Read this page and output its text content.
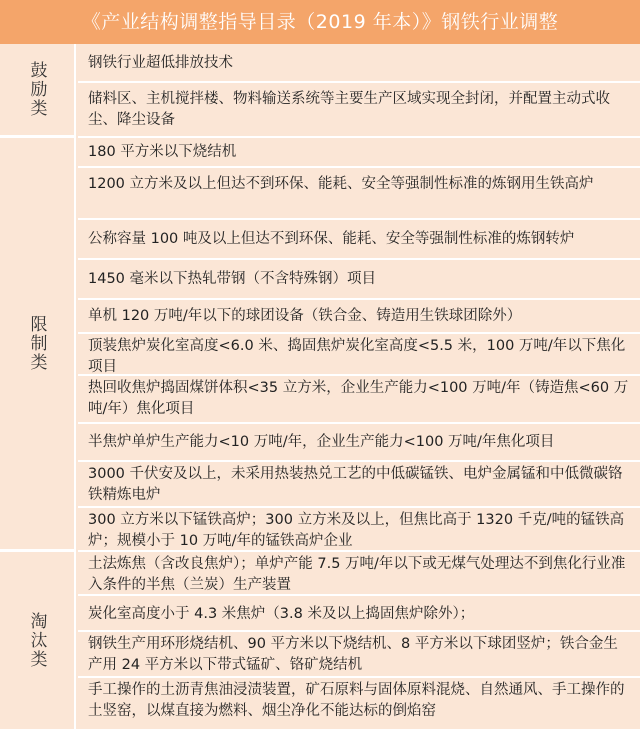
《产业结构调整指导目录（2019 年本）》钢铁行业调整
鼓励类	钢铁行业超低排放技术
储料区、主机搅拌楼、物料输送系统等主要生产区域实现全封闭，并配置主动式收尘、降尘设备
限制类
180 平方米以下烧结机
1200 立方米及以上但达不到环保、能耗、安全等强制性标准的炼钢用生铁高炉
公称容量 100 吨及以上但达不到环保、能耗、安全等强制性标准的炼钢转炉
1450 毫米以下热轧带钢（不含特殊钢）项目
单机 120 万吨/年以下的球团设备（铁合金、铸造用生铁球团除外）
顶装焦炉炭化室高度<6.0 米、捣固焦炉炭化室高度<5.5 米，100 万吨/年以下焦化项目
热回收焦炉捣固煤饼体积<35 立方米，企业生产能力<100 万吨/年（铸造焦<60 万吨/年）焦化项目
半焦炉单炉生产能力<10 万吨/年，企业生产能力<100 万吨/年焦化项目
3000 千伏安及以上，未采用热装热兑工艺的中低碳锰铁、电炉金属锰和中低微碳铬铁精炼电炉
300 立方米以下锰铁高炉；300 立方米及以上，但焦比高于 1320 千克/吨的锰铁高炉；规模小于 10 万吨/年的锰铁高炉企业
淘汰类
土法炼焦（含改良焦炉）；单炉产能 7.5 万吨/年以下或无煤气处理达不到焦化行业准入条件的半焦（兰炭）生产装置
炭化室高度小于 4.3 米焦炉（3.8 米及以上捣固焦炉除外）；
钢铁生产用环形烧结机、90 平方米以下烧结机、8 平方米以下球团竖炉；铁合金生产用 24 平方米以下带式锰矿、铬矿烧结机
手工操作的土沥青焦油浸渍装置，矿石原料与固体原料混烧、自然通风、手工操作的土竖窑，以煤直接为燃料、烟尘净化不能达标的倒焰窑
